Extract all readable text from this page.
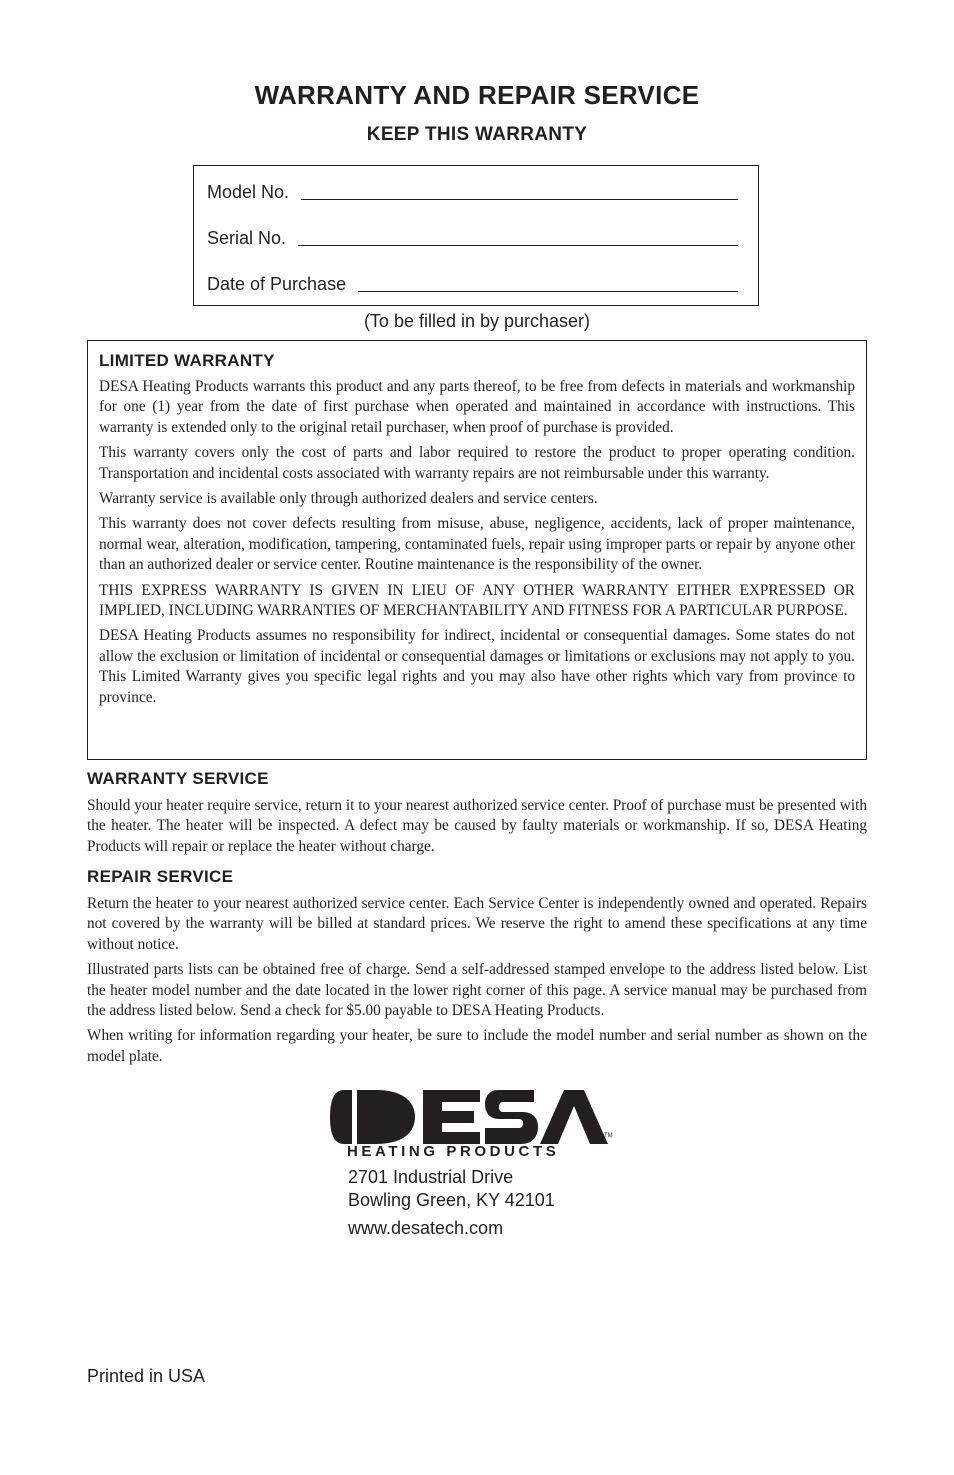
WARRANTY AND REPAIR SERVICE
KEEP THIS WARRANTY
Model No.
Serial No.
Date of Purchase
(To be filled in by purchaser)
LIMITED WARRANTY

DESA Heating Products warrants this product and any parts thereof, to be free from defects in materials and workmanship for one (1) year from the date of first purchase when operated and maintained in accordance with instructions. This warranty is extended only to the original retail purchaser, when proof of purchase is provided.

This warranty covers only the cost of parts and labor required to restore the product to proper operating condition. Transportation and incidental costs associated with warranty repairs are not reimbursable under this warranty.

Warranty service is available only through authorized dealers and service centers.

This warranty does not cover defects resulting from misuse, abuse, negligence, accidents, lack of proper maintenance, normal wear, alteration, modification, tampering, contaminated fuels, repair using improper parts or repair by anyone other than an authorized dealer or service center. Routine maintenance is the responsibility of the owner.

THIS EXPRESS WARRANTY IS GIVEN IN LIEU OF ANY OTHER WARRANTY EITHER EXPRESSED OR IMPLIED, INCLUDING WARRANTIES OF MERCHANTABILITY AND FITNESS FOR A PARTICULAR PURPOSE.

DESA Heating Products assumes no responsibility for indirect, incidental or consequential damages. Some states do not allow the exclusion or limitation of incidental or consequential damages or limitations or exclusions may not apply to you. This Limited Warranty gives you specific legal rights and you may also have other rights which vary from province to province.

WARRANTY SERVICE

Should your heater require service, return it to your nearest authorized service center. Proof of purchase must be presented with the heater. The heater will be inspected. A defect may be caused by faulty materials or workmanship. If so, DESA Heating Products will repair or replace the heater without charge.

REPAIR SERVICE

Return the heater to your nearest authorized service center. Each Service Center is independently owned and operated. Repairs not covered by the warranty will be billed at standard prices. We reserve the right to amend these specifications at any time without notice.

Illustrated parts lists can be obtained free of charge. Send a self-addressed stamped envelope to the address listed below. List the heater model number and the date located in the lower right corner of this page. A service manual may be purchased from the address listed below. Send a check for $5.00 payable to DESA Heating Products.

When writing for information regarding your heater, be sure to include the model number and serial number as shown on the model plate.

HEATING PRODUCTS
TM
2701 Industrial Drive
Bowling Green, KY 42101
www.desatech.com
Printed in USA
